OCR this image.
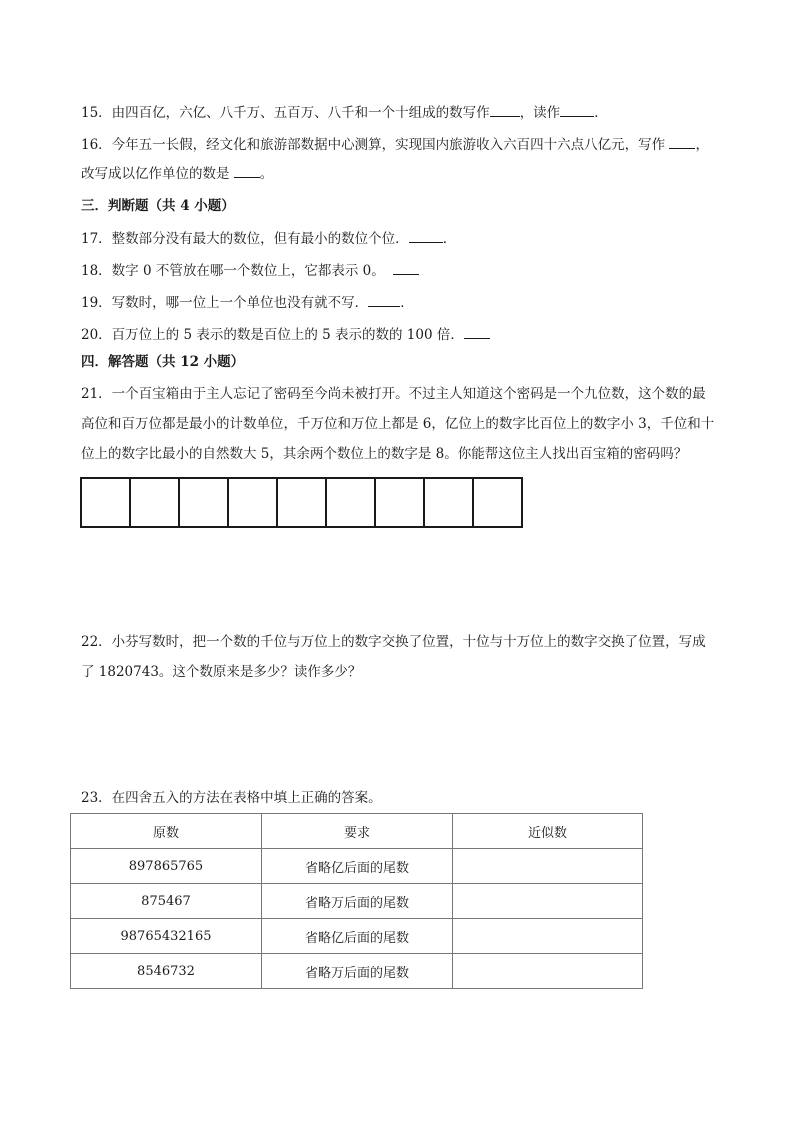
15．由四百亿，六亿、八千万、五百万、八千和一个十组成的数写作 ，读作	．
16．今年五一长假，经文化和旅游部数据中心测算，实现国内旅游收入六百四十六点八亿元，写作 ，
改写成以亿作单位的数是 。
三．判断题（共 4 小题）
17．整数部分没有最大的数位，但有最小的数位个位．	．
18．数字 0 不管放在哪一个数位上，它都表示 0。
19．写数时，哪一位上一个单位也没有就不写． ．
20．百万位上的 5 表示的数是百位上的 5 表示的数的 100 倍．
四．解答题（共 12 小题）
21．一个百宝箱由于主人忘记了密码至今尚未被打开。不过主人知道这个密码是一个九位数，这个数的最
高位和百万位都是最小的计数单位，千万位和万位上都是 6，亿位上的数字比百位上的数字小 3，千位和十
位上的数字比最小的自然数大 5，其余两个数位上的数字是 8。你能帮这位主人找出百宝箱的密码吗？
22．小芬写数时，把一个数的千位与万位上的数字交换了位置，十位与十万位上的数字交换了位置，写成
了 1820743。这个数原来是多少？读作多少？
23．在四舍五入的方法在表格中填上正确的答案。
原数	要求	近似数
897865765	省略亿后面的尾数	
875467	省略万后面的尾数	
98765432165	省略亿后面的尾数	
8546732	省略万后面的尾数	
